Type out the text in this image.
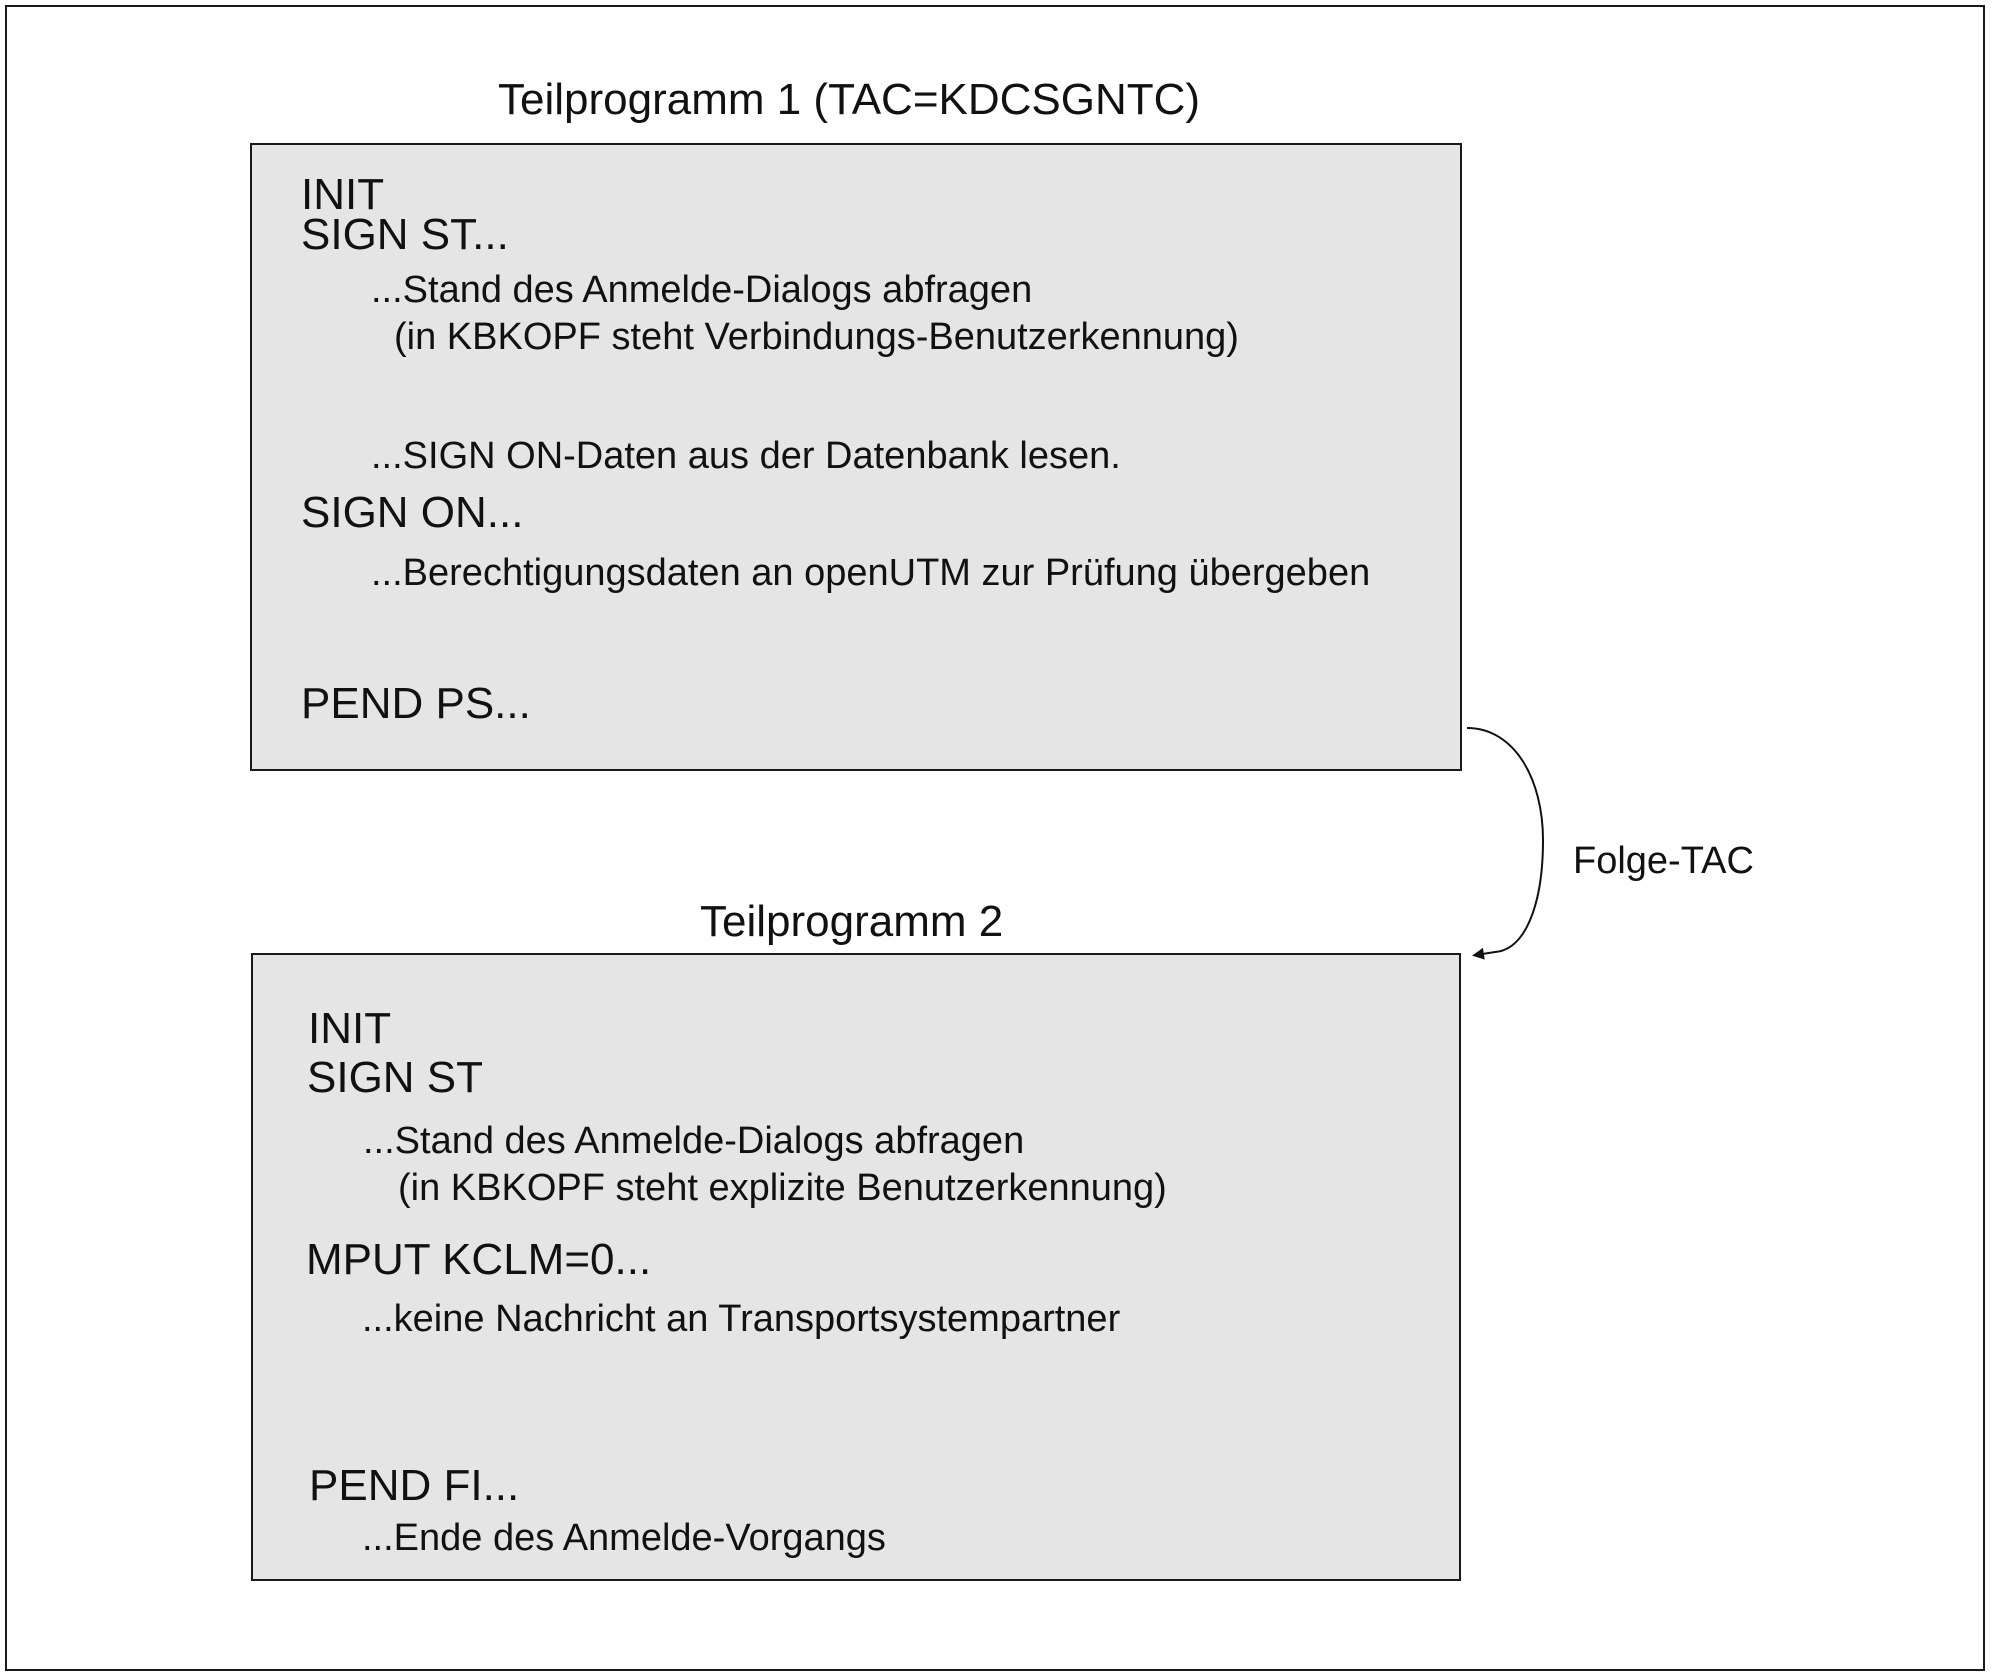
Teilprogramm 1 (TAC=KDCSGNTC)
INIT
SIGN ST...
...Stand des Anmelde-Dialogs abfragen
(in KBKOPF steht Verbindungs-Benutzerkennung)
...SIGN ON-Daten aus der Datenbank lesen.
SIGN ON...
...Berechtigungsdaten an openUTM zur Prüfung übergeben
PEND PS...
Folge-TAC
Teilprogramm 2
INIT
SIGN ST
...Stand des Anmelde-Dialogs abfragen
(in KBKOPF steht explizite Benutzerkennung)
MPUT KCLM=0...
...keine Nachricht an Transportsystempartner
PEND FI...
...Ende des Anmelde-Vorgangs
